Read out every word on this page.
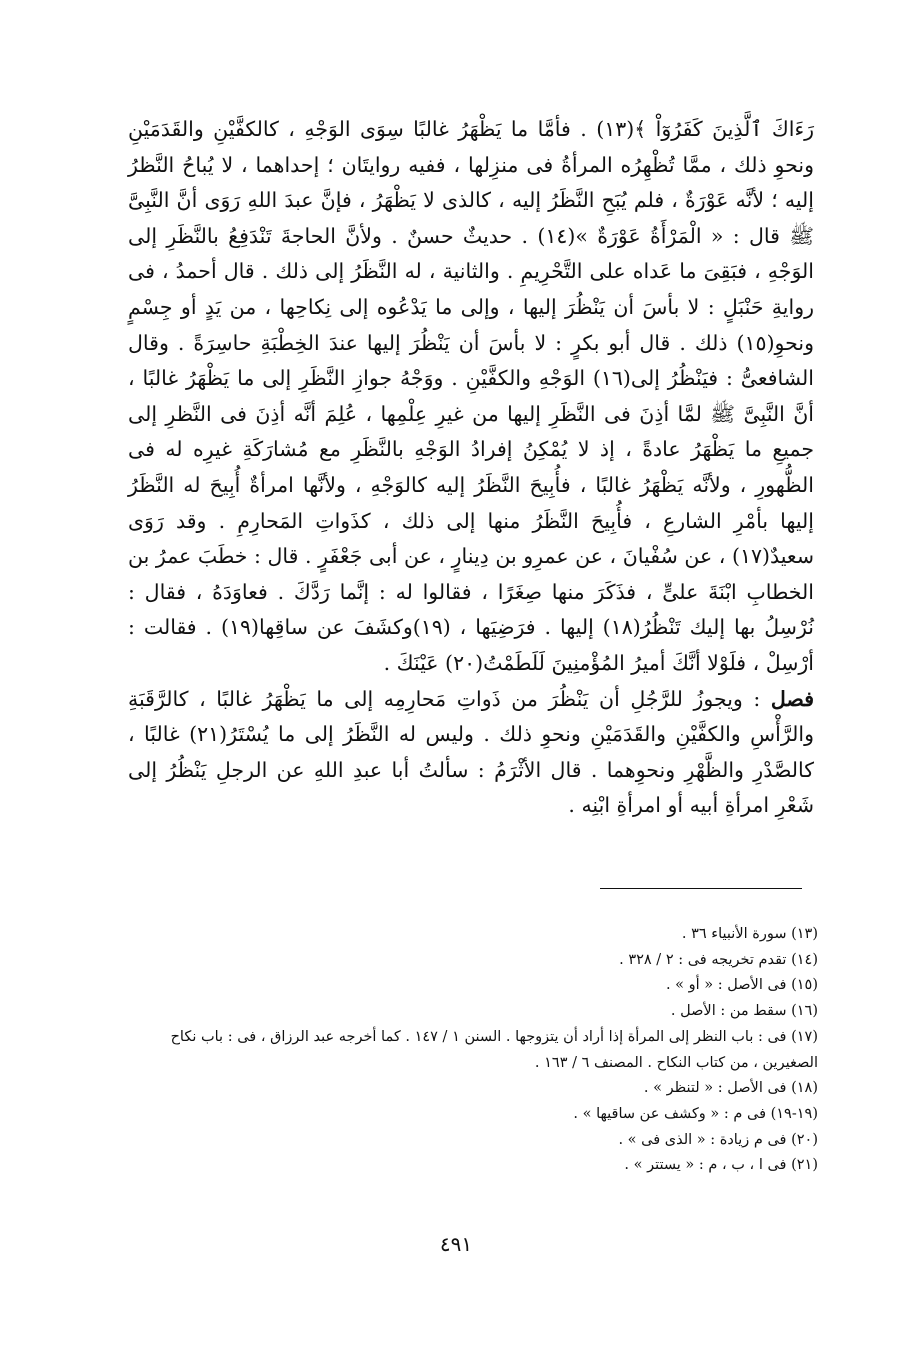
رَءَاكَ ٱلَّذِينَ كَفَرُوٓاْ ﴾(١٣) . فأمَّا ما يَظْهَرُ غالبًا سِوَى الوَجْهِ ، كالكفَّيْنِ والقَدَمَيْنِ ونحوِ ذلك ، ممَّا تُظْهِرُه المرأةُ فى منزِلها ، ففيه روايتَان ؛ إحداهما ، لا يُباحُ النَّظرُ إليه ؛ لأنَّه عَوْرَةٌ ، فلم يُبَحِ النَّظَرُ إليه ، كالذى لا يَظْهَرُ ، فإنَّ عبدَ اللهِ رَوَى أنَّ النَّبِىَّ ﷺ قال : « الْمَرْأَةُ عَوْرَةٌ »(١٤) . حديثٌ حسنٌ . ولأنَّ الحاجةَ تَنْدَفِعُ بالنَّظَرِ إلى الوَجْهِ ، فبَقِىَ ما عَداه على التَّحْرِيمِ . والثانية ، له النَّظَرُ إلى ذلك . قال أحمدُ ، فى روايةِ حَنْبَلٍ : لا بأسَ أن يَنْظُرَ إليها ، وإلى ما يَدْعُوه إلى نِكاحِها ، من يَدٍ أو جِسْمٍ ونحوِ(١٥) ذلك . قال أبو بكرٍ : لا بأسَ أن يَنْظُرَ إليها عندَ الخِطْبَةِ حاسِرَةً . وقال الشافعىُّ : فيَنْظُرُ إلى(١٦) الوَجْهِ والكفَّيْنِ . ووَجْهُ جوازِ النَّظَرِ إلى ما يَظْهَرُ غالبًا ، أنَّ النَّبِىَّ ﷺ لمَّا أذِنَ فى النَّظَرِ إليها من غيرِ عِلْمِها ، عُلِمَ أنَّه أذِنَ فى النَّظرِ إلى جميعِ ما يَظْهَرُ عادةً ، إذ لا يُمْكِنُ إفرادُ الوَجْهِ بالنَّظَرِ مع مُشارَكَةِ غيرِه له فى الظُّهورِ ، ولأنَّه يَظْهَرُ غالبًا ، فأُبِيحَ النَّظَرُ إليه كالوَجْهِ ، ولأنَّها امرأةٌ أُبِيحَ له النَّظَرُ إليها بأمْرِ الشارعِ ، فأُبِيحَ النَّظَرُ منها إلى ذلك ، كذَواتِ المَحارِمِ . وقد رَوَى سعيدٌ(١٧) ، عن سُفْيانَ ، عن عمرِو بن دِينارٍ ، عن أبى جَعْفَرٍ . قال : خطَبَ عمرُ بن الخطابِ ابْنَةَ علىٍّ ، فذَكَرَ منها صِغَرًا ، فقالوا له : إنَّما رَدَّكَ . فعاوَدَهُ ، فقال : نُرْسِلُ بها إليك تَنْظُرُ(١٨) إليها . فرَضِيَها ، (١٩)وكشَفَ عن ساقِها(١٩) . فقالت : أرْسِلْ ، فلَوْلا أنَّكَ أميرُ المُؤْمنِينَ لَلَطَمْتُ(٢٠) عَيْنَكَ .

فصل : ويجوزُ للرَّجُلِ أن يَنْظُرَ من ذَواتِ مَحارِمِه إلى ما يَظْهَرُ غالبًا ، كالرَّقَبَةِ والرَّأْسِ والكفَّيْنِ والقَدَمَيْنِ ونحوِ ذلك . وليس له النَّظَرُ إلى ما يُسْتَرُ(٢١) غالبًا ، كالصَّدْرِ والظَّهْرِ ونحوِهما . قال الأثْرَمُ : سألتُ أبا عبدِ اللهِ عن الرجلِ يَنْظُرُ إلى شَعْرِ امرأةِ أبيه أو امرأةِ ابْنِه .

(١٣) سورة الأنبياء ٣٦ .

(١٤) تقدم تخريجه فى : ٢ / ٣٢٨ .

(١٥) فى الأصل : « أو » .

(١٦) سقط من : الأصل .

(١٧) فى : باب النظر إلى المرأة إذا أراد أن يتزوجها . السنن ١ / ١٤٧ . كما أخرجه عبد الرزاق ، فى : باب نكاح الصغيرين ، من كتاب النكاح . المصنف ٦ / ١٦٣ .

(١٨) فى الأصل : « لتنظر » .

(١٩-١٩) فى م : « وكشف عن ساقيها » .

(٢٠) فى م زيادة : « الذى فى » .

(٢١) فى ا ، ب ، م : « يستتر » .

٤٩١
